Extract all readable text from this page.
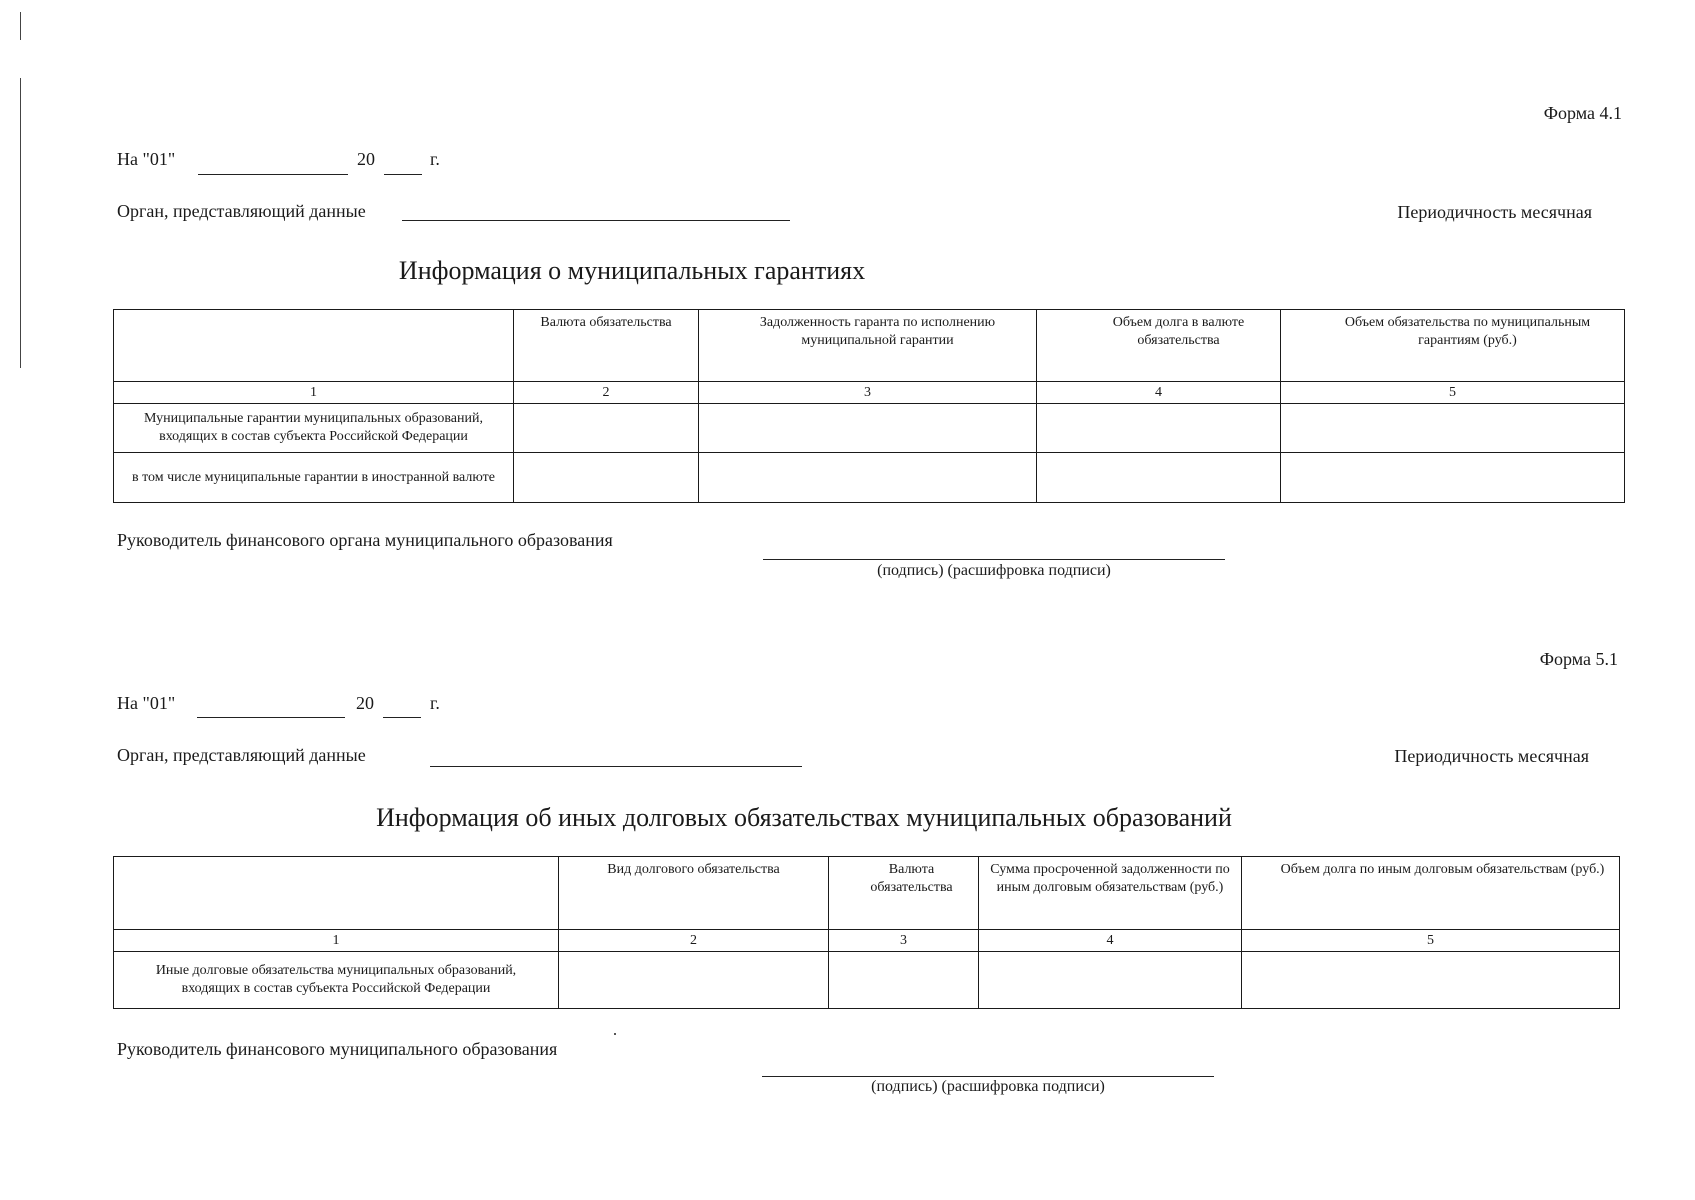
Форма 4.1
На "01"	20	г.
Орган, представляющий данные	Периодичность месячная
Информация о муниципальных гарантиях
	Валюта обязательства	Задолженность гаранта по исполнению муниципальной гарантии	Объем долга в валюте обязательства	Объем обязательства по муниципальным гарантиям (руб.)
1	2	3	4	5
Муниципальные гарантии муниципальных образований, входящих в состав субъекта Российской Федерации				
в том числе муниципальные гарантии в иностранной валюте				
Руководитель финансового органа муниципального образования
(подпись) (расшифровка подписи)
Форма 5.1
На "01"	20	г.
Орган, представляющий данные	Периодичность месячная
Информация об иных долговых обязательствах муниципальных образований
	Вид долгового обязательства	Валюта обязательства	Сумма просроченной задолженности по иным долговым обязательствам (руб.)	Объем долга по иным долговым обязательствам (руб.)
1	2	3	4	5
Иные долговые обязательства муниципальных образований, входящих в состав субъекта Российской Федерации				
Руководитель финансового муниципального образования
(подпись) (расшифровка подписи)
